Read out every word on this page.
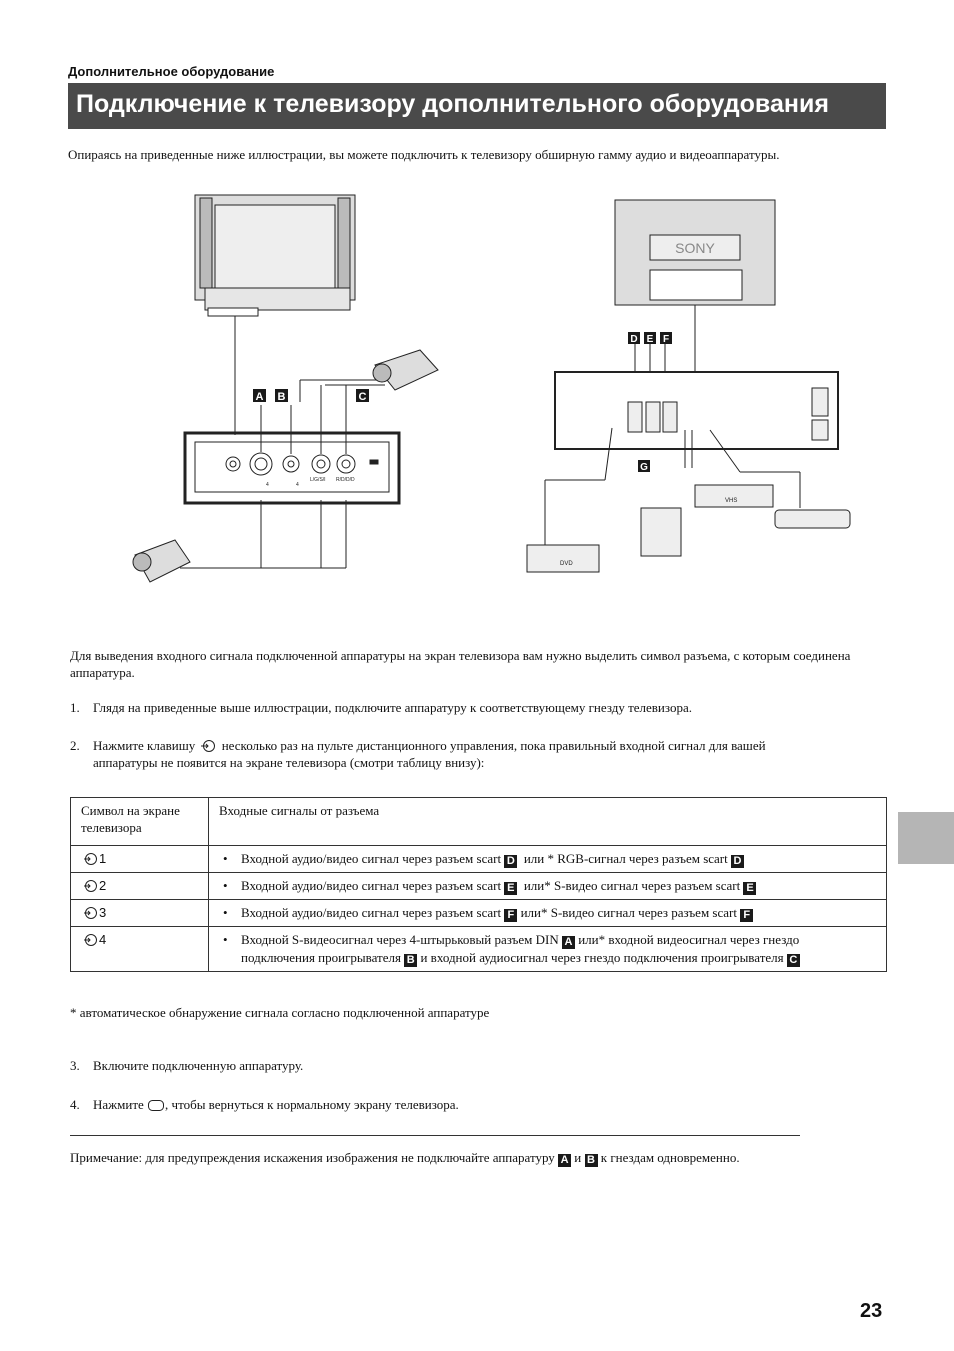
Дополнительное оборудование
Подключение к телевизору дополнительного оборудования
Опираясь на приведенные ниже иллюстрации, вы можете подключить к телевизору обширную гамму аудио и видеоаппаратуры.
A B	C
D E F
G
4	4
L/G/S/I R/D/D/D
SONY
DVD
VHS
Для выведения входного сигнала подключенной аппаратуры на экран телевизора вам нужно выделить символ разъема, с которым соединена аппаратура.
1. Глядя на приведенные выше иллюстрации, подключите аппаратуру к соответствующему гнезду телевизора.
2. Нажмите клавишу несколько раз на пульте дистанционного управления, пока правильный входной сигнал для вашей
аппаратуры не появится на экране телевизора (смотри таблицу внизу):
Символ на экране телевизора	Входные сигналы от разъема
1	• Входной аудио/видео сигнал через разъем scart D или * RGB-сигнал через разъем scart D

2	• Входной аудио/видео сигнал через разъем scart E или* S-видео сигнал через разъем scart E

3	• Входной аудио/видео сигнал через разъем scart F или* S-видео сигнал через разъем scart F

4	• Входной S-видеосигнал через 4-штырьковый разъем DIN A или* входной видеосигнал через гнездо подключения проигрывателя B и входной аудиосигнал через гнездо подключения проигрывателя C
* автоматическое обнаружение сигнала согласно подключенной аппаратуре
3. Включите подключенную аппаратуру.
4. Нажмите , чтобы вернуться к нормальному экрану телевизора.
Примечание: для предупреждения искажения изображения не подключайте аппаратуру A и B к гнездам одновременно.
23
